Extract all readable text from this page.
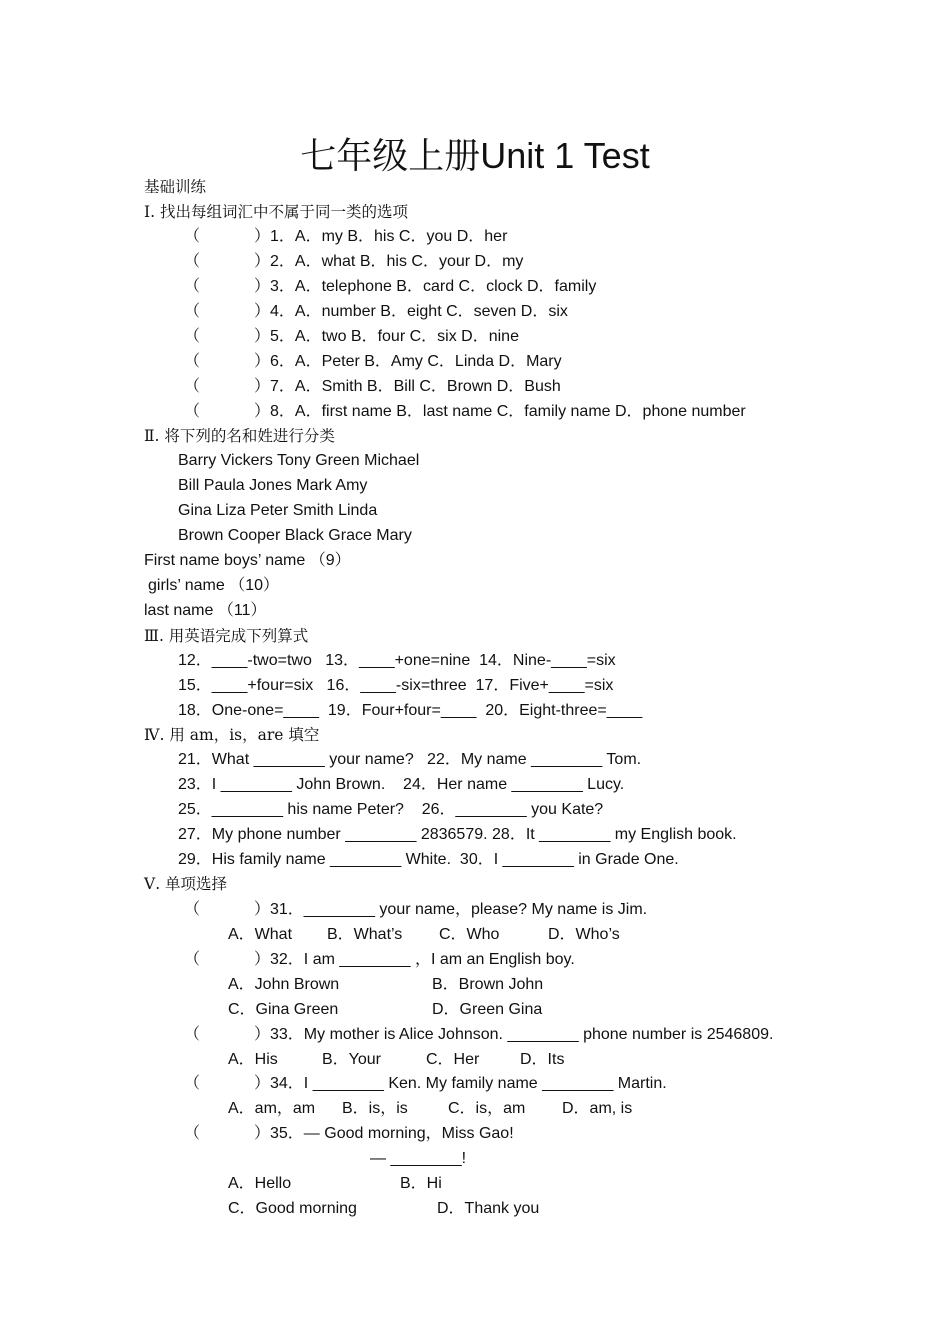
七年级上册Unit 1 Test
基础训练
Ⅰ. 找出每组词汇中不属于同一类的选项
（	）1．A．my B．his C．you D．her
（	）2．A．what B．his C．your D．my
（	）3．A．telephone B．card C．clock D．family
（	）4．A．number B．eight C．seven D．six
（	）5．A．two B．four C．six D．nine
（	）6．A．Peter B．Amy C．Linda D．Mary
（	）7．A．Smith B．Bill C．Brown D．Bush
（	）8．A．first name B．last name C．family name D．phone number
Ⅱ. 将下列的名和姓进行分类
Barry Vickers Tony Green Michael
Bill Paula Jones Mark Amy
Gina Liza Peter Smith Linda
Brown Cooper Black Grace Mary
First name boys’ name （9）
girls’ name （10）
last name （11）
Ⅲ. 用英语完成下列算式
12．____-two=two   13．____+one=nine  14．Nine-____=six
15．____+four=six   16．____-six=three  17．Five+____=six
18．One-one=____  19．Four+four=____  20．Eight-three=____
Ⅳ. 用 am，is，are 填空
21．What ________ your name?   22．My name ________ Tom.
23．I ________ John Brown.    24．Her name ________ Lucy.
25．________ his name Peter?    26．________ you Kate?
27．My phone number ________ 2836579. 28．It ________ my English book.
29．His family name ________ White.  30．I ________ in Grade One.
Ⅴ. 单项选择
（	）31．________ your name，please? My name is Jim.
A．What B．What’s C．Who	D．Who’s
（	）32．I am ________ ，I am an English boy.
A．John Brown	B．Brown John
C．Gina Green	D．Green Gina
（	）33．My mother is Alice Johnson. ________ phone number is 2546809.
A．His	B．Your	C．Her	D．Its
（	）34．I ________ Ken. My family name ________ Martin.
A．am，am B．is，is	C．is，am D．am, is
（	）35．— Good morning，Miss Gao!
— ________!
A．Hello	B．Hi
C．Good morning	D．Thank you
